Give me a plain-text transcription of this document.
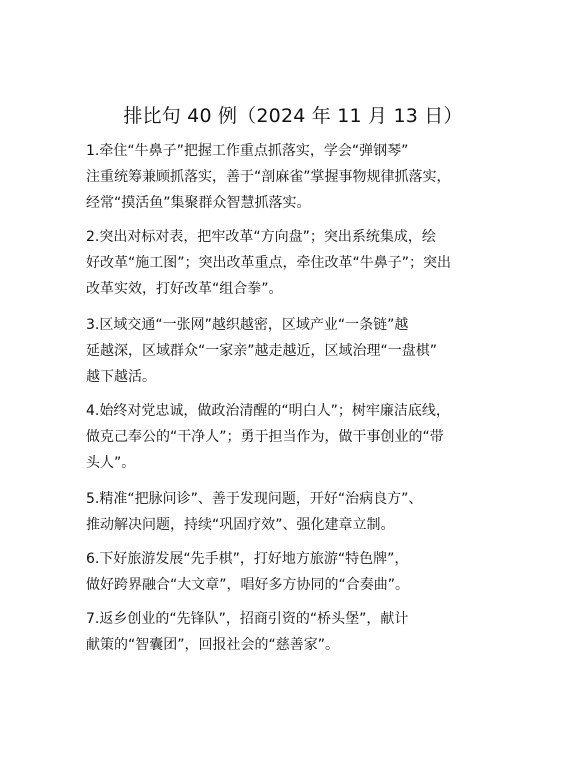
排比句 40 例（2024 年 11 月 13 日）

1.牵住“牛鼻子”把握工作重点抓落实，学会“弹钢琴”
注重统筹兼顾抓落实，善于“剖麻雀”掌握事物规律抓落实，
经常“摸活鱼”集聚群众智慧抓落实。

2.突出对标对表，把牢改革“方向盘”；突出系统集成，绘
好改革“施工图”；突出改革重点，牵住改革“牛鼻子”；突出
改革实效，打好改革“组合拳”。

3.区域交通“一张网”越织越密，区域产业“一条链”越
延越深，区域群众“一家亲”越走越近，区域治理“一盘棋”
越下越活。

4.始终对党忠诚，做政治清醒的“明白人”；树牢廉洁底线，
做克己奉公的“干净人”；勇于担当作为，做干事创业的“带
头人”。

5.精准“把脉问诊”、善于发现问题，开好“治病良方”、
推动解决问题，持续“巩固疗效”、强化建章立制。

6.下好旅游发展“先手棋”，打好地方旅游“特色牌”，
做好跨界融合“大文章”，唱好多方协同的“合奏曲”。

7.返乡创业的“先锋队”，招商引资的“桥头堡”，献计
献策的“智囊团”，回报社会的“慈善家”。
